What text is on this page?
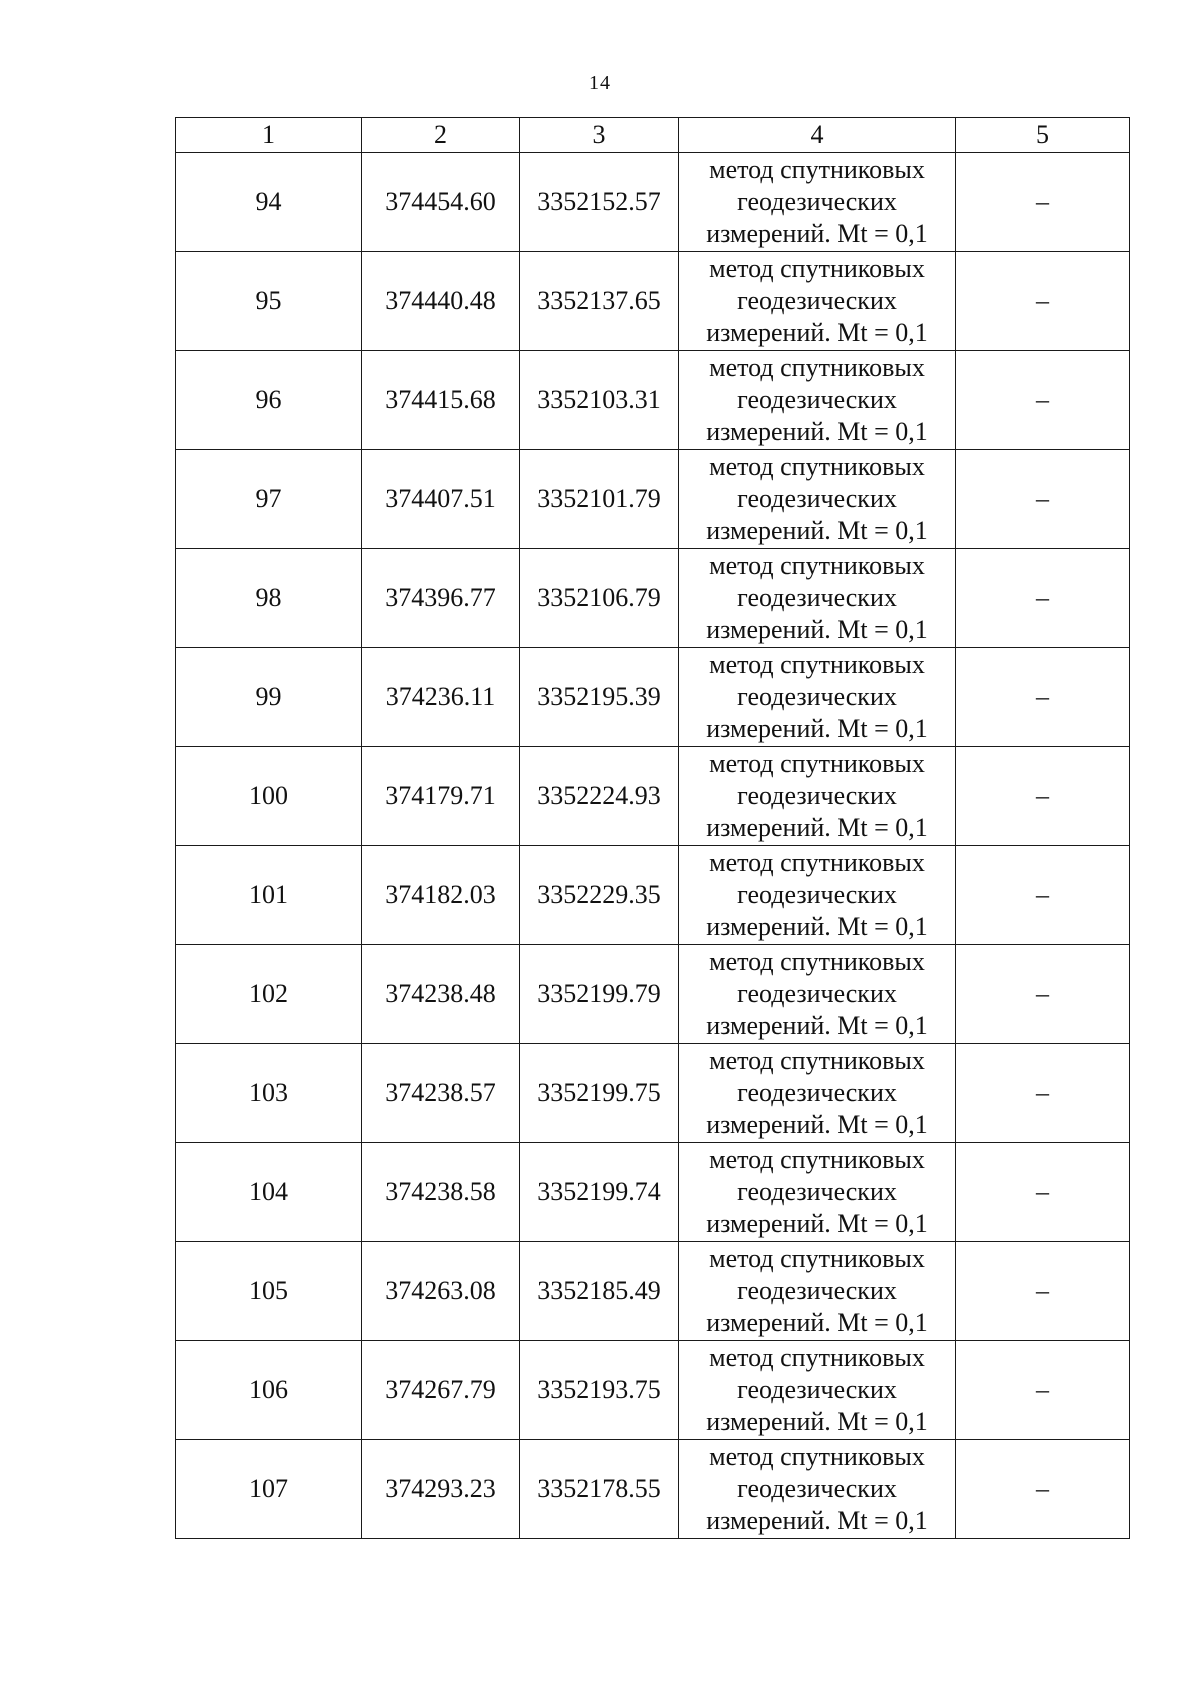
14
1	2	3	4	5
94	374454.60	3352152.57	метод спутниковых
геодезических
измерений. Mt = 0,1	–
95	374440.48	3352137.65	метод спутниковых
геодезических
измерений. Mt = 0,1	–
96	374415.68	3352103.31	метод спутниковых
геодезических
измерений. Mt = 0,1	–
97	374407.51	3352101.79	метод спутниковых
геодезических
измерений. Mt = 0,1	–
98	374396.77	3352106.79	метод спутниковых
геодезических
измерений. Mt = 0,1	–
99	374236.11	3352195.39	метод спутниковых
геодезических
измерений. Mt = 0,1	–
100	374179.71	3352224.93	метод спутниковых
геодезических
измерений. Mt = 0,1	–
101	374182.03	3352229.35	метод спутниковых
геодезических
измерений. Mt = 0,1	–
102	374238.48	3352199.79	метод спутниковых
геодезических
измерений. Mt = 0,1	–
103	374238.57	3352199.75	метод спутниковых
геодезических
измерений. Mt = 0,1	–
104	374238.58	3352199.74	метод спутниковых
геодезических
измерений. Mt = 0,1	–
105	374263.08	3352185.49	метод спутниковых
геодезических
измерений. Mt = 0,1	–
106	374267.79	3352193.75	метод спутниковых
геодезических
измерений. Mt = 0,1	–
107	374293.23	3352178.55	метод спутниковых
геодезических
измерений. Mt = 0,1	–
